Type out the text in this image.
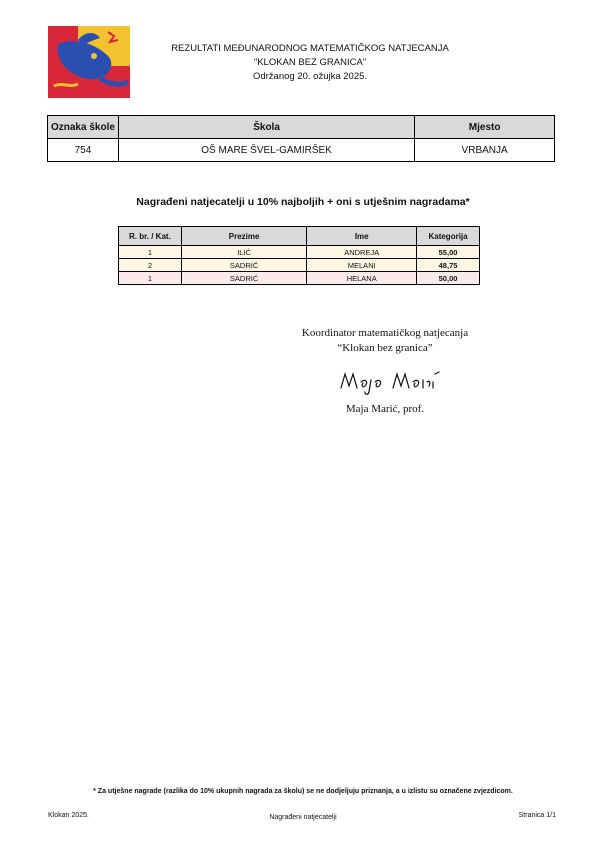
REZULTATI MEĐUNARODNOG MATEMATIČKOG NATJECANJA
"KLOKAN BEZ GRANICA"
Održanog 20. ožujka 2025.
Oznaka škole	Škola	Mjesto
754	OŠ MARE ŠVEL-GAMIRŠEK	VRBANJA
Nagrađeni natjecatelji u 10% najboljih + oni s utješnim nagradama*
R. br. / Kat.	Prezime	Ime	Kategorija
1	ILIĆ	ANDREJA	55,00
2	SADRIĆ	MELANI	48,75
1	SADRIĆ	HELANA	50,00
Koordinator matematičkog natjecanja
“Klokan bez granica”
Maja Marić, prof.
* Za utješne nagrade (razlika do 10% ukupnih nagrada za školu) se ne dodjeljuju priznanja, a u izlistu su označene zvjezdicom.
Klokan 2025.	Nagrađeni natjecatelji	Stranica 1/1
